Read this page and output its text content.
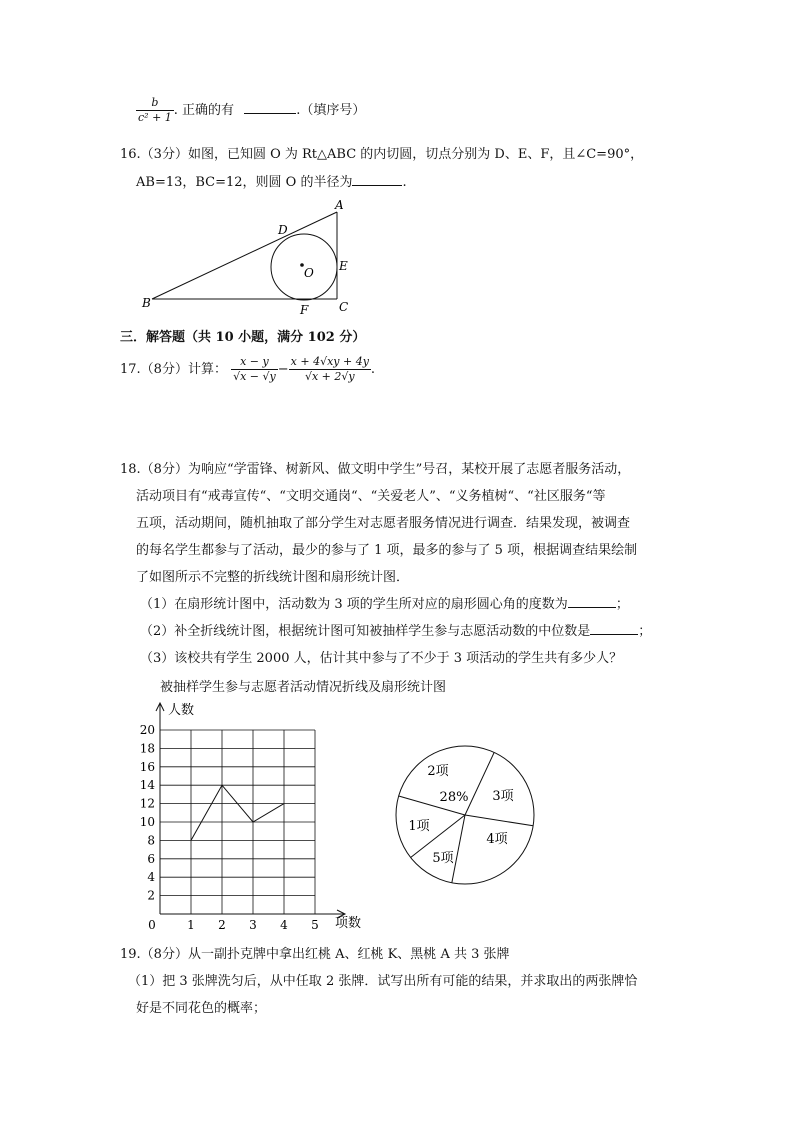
$\frac{b}{\text{c² + 1}}$ . 正确的有	.（填序号）
16.（3分）如图，已知圆 O 为 Rt△ABC 的内切圆，切点分别为 D、E、F，且∠C=90°，
AB=13，BC=12，则圆 O 的半径为	.
A
B	C
D
E
F
O
三．解答题（共 10 小题，满分 102 分）
17.（8分）计算： $\frac{x - y}{√x - √y} - \frac{x + 4√xy + 4y}{√x + 2√y}$ .
18.（8分）为响应“学雷锋、树新风、做文明中学生”号召，某校开展了志愿者服务活动，
活动项目有“戒毒宣传“、“文明交通岗“、“关爱老人”、“义务植树“、“社区服务“等
五项，活动期间，随机抽取了部分学生对志愿者服务情况进行调查．结果发现，被调查
的每名学生都参与了活动，最少的参与了 1 项，最多的参与了 5 项，根据调查结果绘制
了如图所示不完整的折线统计图和扇形统计图．
（1）在扇形统计图中，活动数为 3 项的学生所对应的扇形圆心角的度数为	；
（2）补全折线统计图，根据统计图可知被抽样学生参与志愿活动数的中位数是	；
（3）该校共有学生 2000 人，估计其中参与了不少于 3 项活动的学生共有多少人？
被抽样学生参与志愿者活动情况折线及扇形统计图
人数
项数
2
4
6
8
10
12
14
16
18
20
0	1 2 3 4 5
2项
3项
4项
5项
1项
28%
19.（8分）从一副扑克牌中拿出红桃 A、红桃 K、黑桃 A 共 3 张牌
（1）把 3 张牌洗匀后，从中任取 2 张牌．试写出所有可能的结果，并求取出的两张牌恰
好是不同花色的概率；
